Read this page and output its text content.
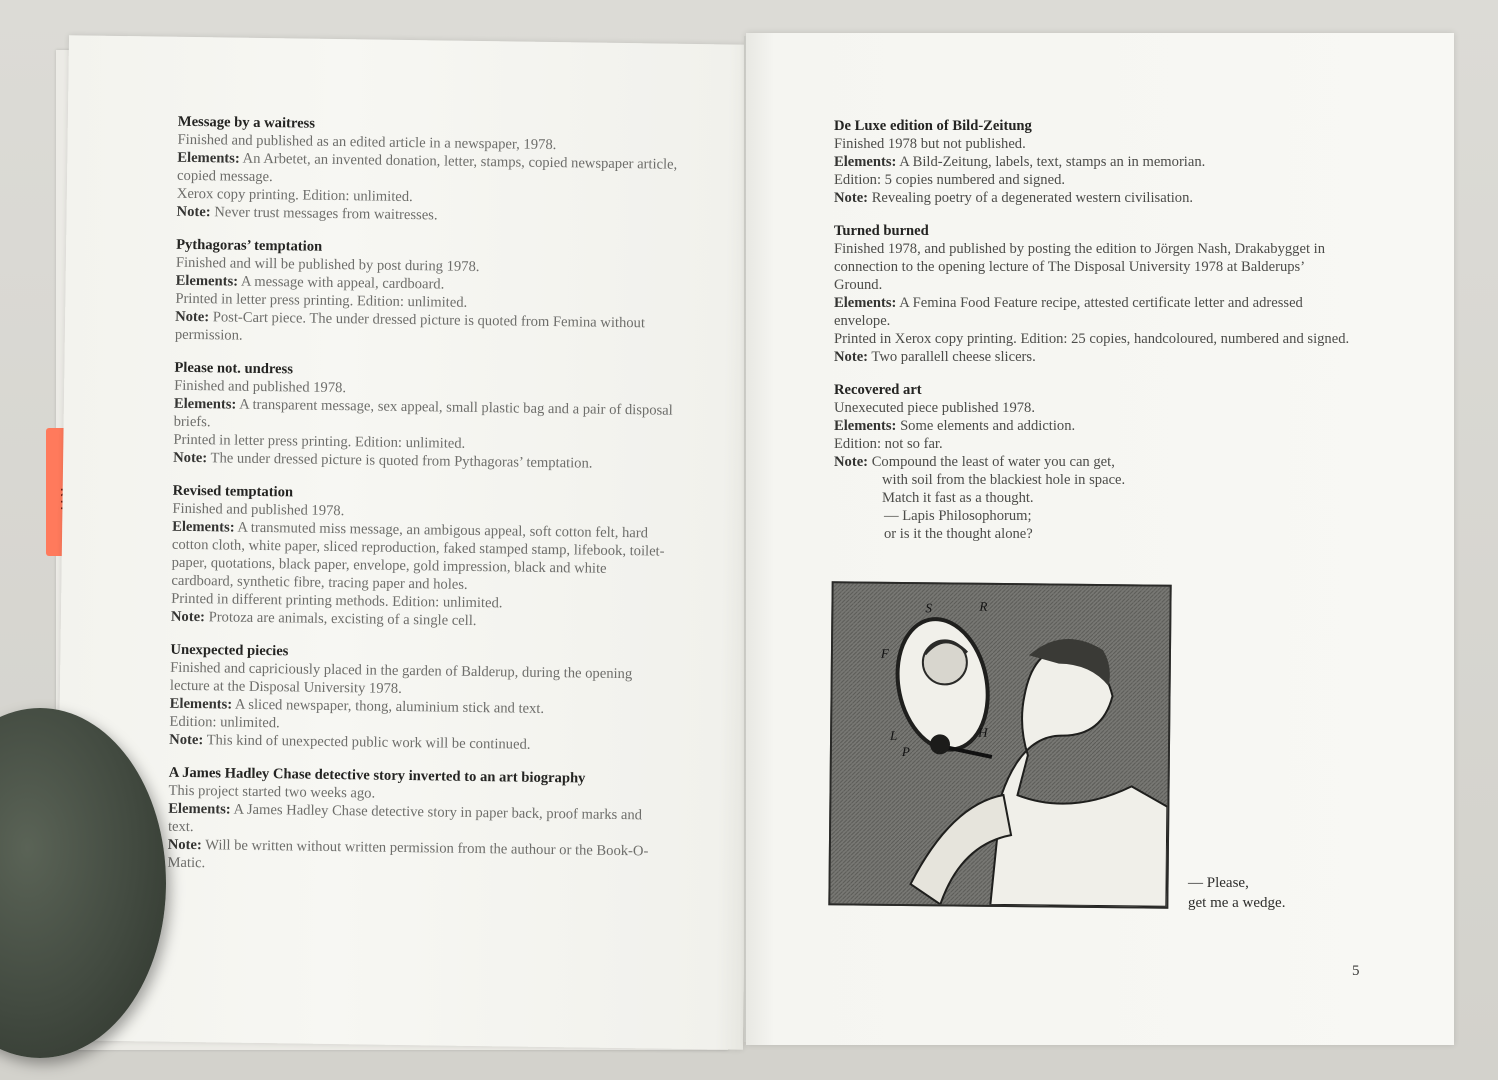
Message by a waitress
Finished and published as an edited article in a newspaper, 1978.
Elements: An Arbetet, an invented donation, letter, stamps, copied newspaper article, copied message.
Xerox copy printing. Edition: unlimited.
Note: Never trust messages from waitresses.
Pythagoras’ temptation
Finished and will be published by post during 1978.
Elements: A message with appeal, cardboard.
Printed in letter press printing. Edition: unlimited.
Note: Post-Cart piece. The under dressed picture is quoted from Femina without permission.
Please not. undress
Finished and published 1978.
Elements: A transparent message, sex appeal, small plastic bag and a pair of disposal briefs.
Printed in letter press printing. Edition: unlimited.
Note: The under dressed picture is quoted from Pythagoras’ temptation.
Revised temptation
Finished and published 1978.
Elements: A transmuted miss message, an ambigous appeal, soft cotton felt, hard cotton cloth, white paper, sliced reproduction, faked stamped stamp, lifebook, toilet-paper, quotations, black paper, envelope, gold impression, black and white cardboard, synthetic fibre, tracing paper and holes.
Printed in different printing methods. Edition: unlimited.
Note: Protoza are animals, excisting of a single cell.
Unexpected piecies
Finished and capriciously placed in the garden of Balderup, during the opening lecture at the Disposal University 1978.
Elements: A sliced newspaper, thong, aluminium stick and text.
Edition: unlimited.
Note: This kind of unexpected public work will be continued.
A James Hadley Chase detective story inverted to an art biography
This project started two weeks ago.
Elements: A James Hadley Chase detective story in paper back, proof marks and text.
Note: Will be written without written permission from the authour or the Book-O-Matic.
De Luxe edition of Bild-Zeitung
Finished 1978 but not published.
Elements: A Bild-Zeitung, labels, text, stamps an in memorian.
Edition: 5 copies numbered and signed.
Note: Revealing poetry of a degenerated western civilisation.
Turned burned
Finished 1978, and published by posting the edition to Jörgen Nash, Drakabygget in connection to the opening lecture of The Disposal University 1978 at Balderups’ Ground.
Elements: A Femina Food Feature recipe, attested certificate letter and adressed envelope.
Printed in Xerox copy printing. Edition: 25 copies, handcoloured, numbered and signed.
Note: Two parallell cheese slicers.
Recovered art
Unexecuted piece published 1978.
Elements: Some elements and addiction.
Edition: not so far.
Note: Compound the least of water you can get,
with soil from the blackiest hole in space.
Match it fast as a thought.
— Lapis Philosophorum;
or is it the thought alone?
S	R
F
L
P
H
— Please,
get me a wedge.
5
